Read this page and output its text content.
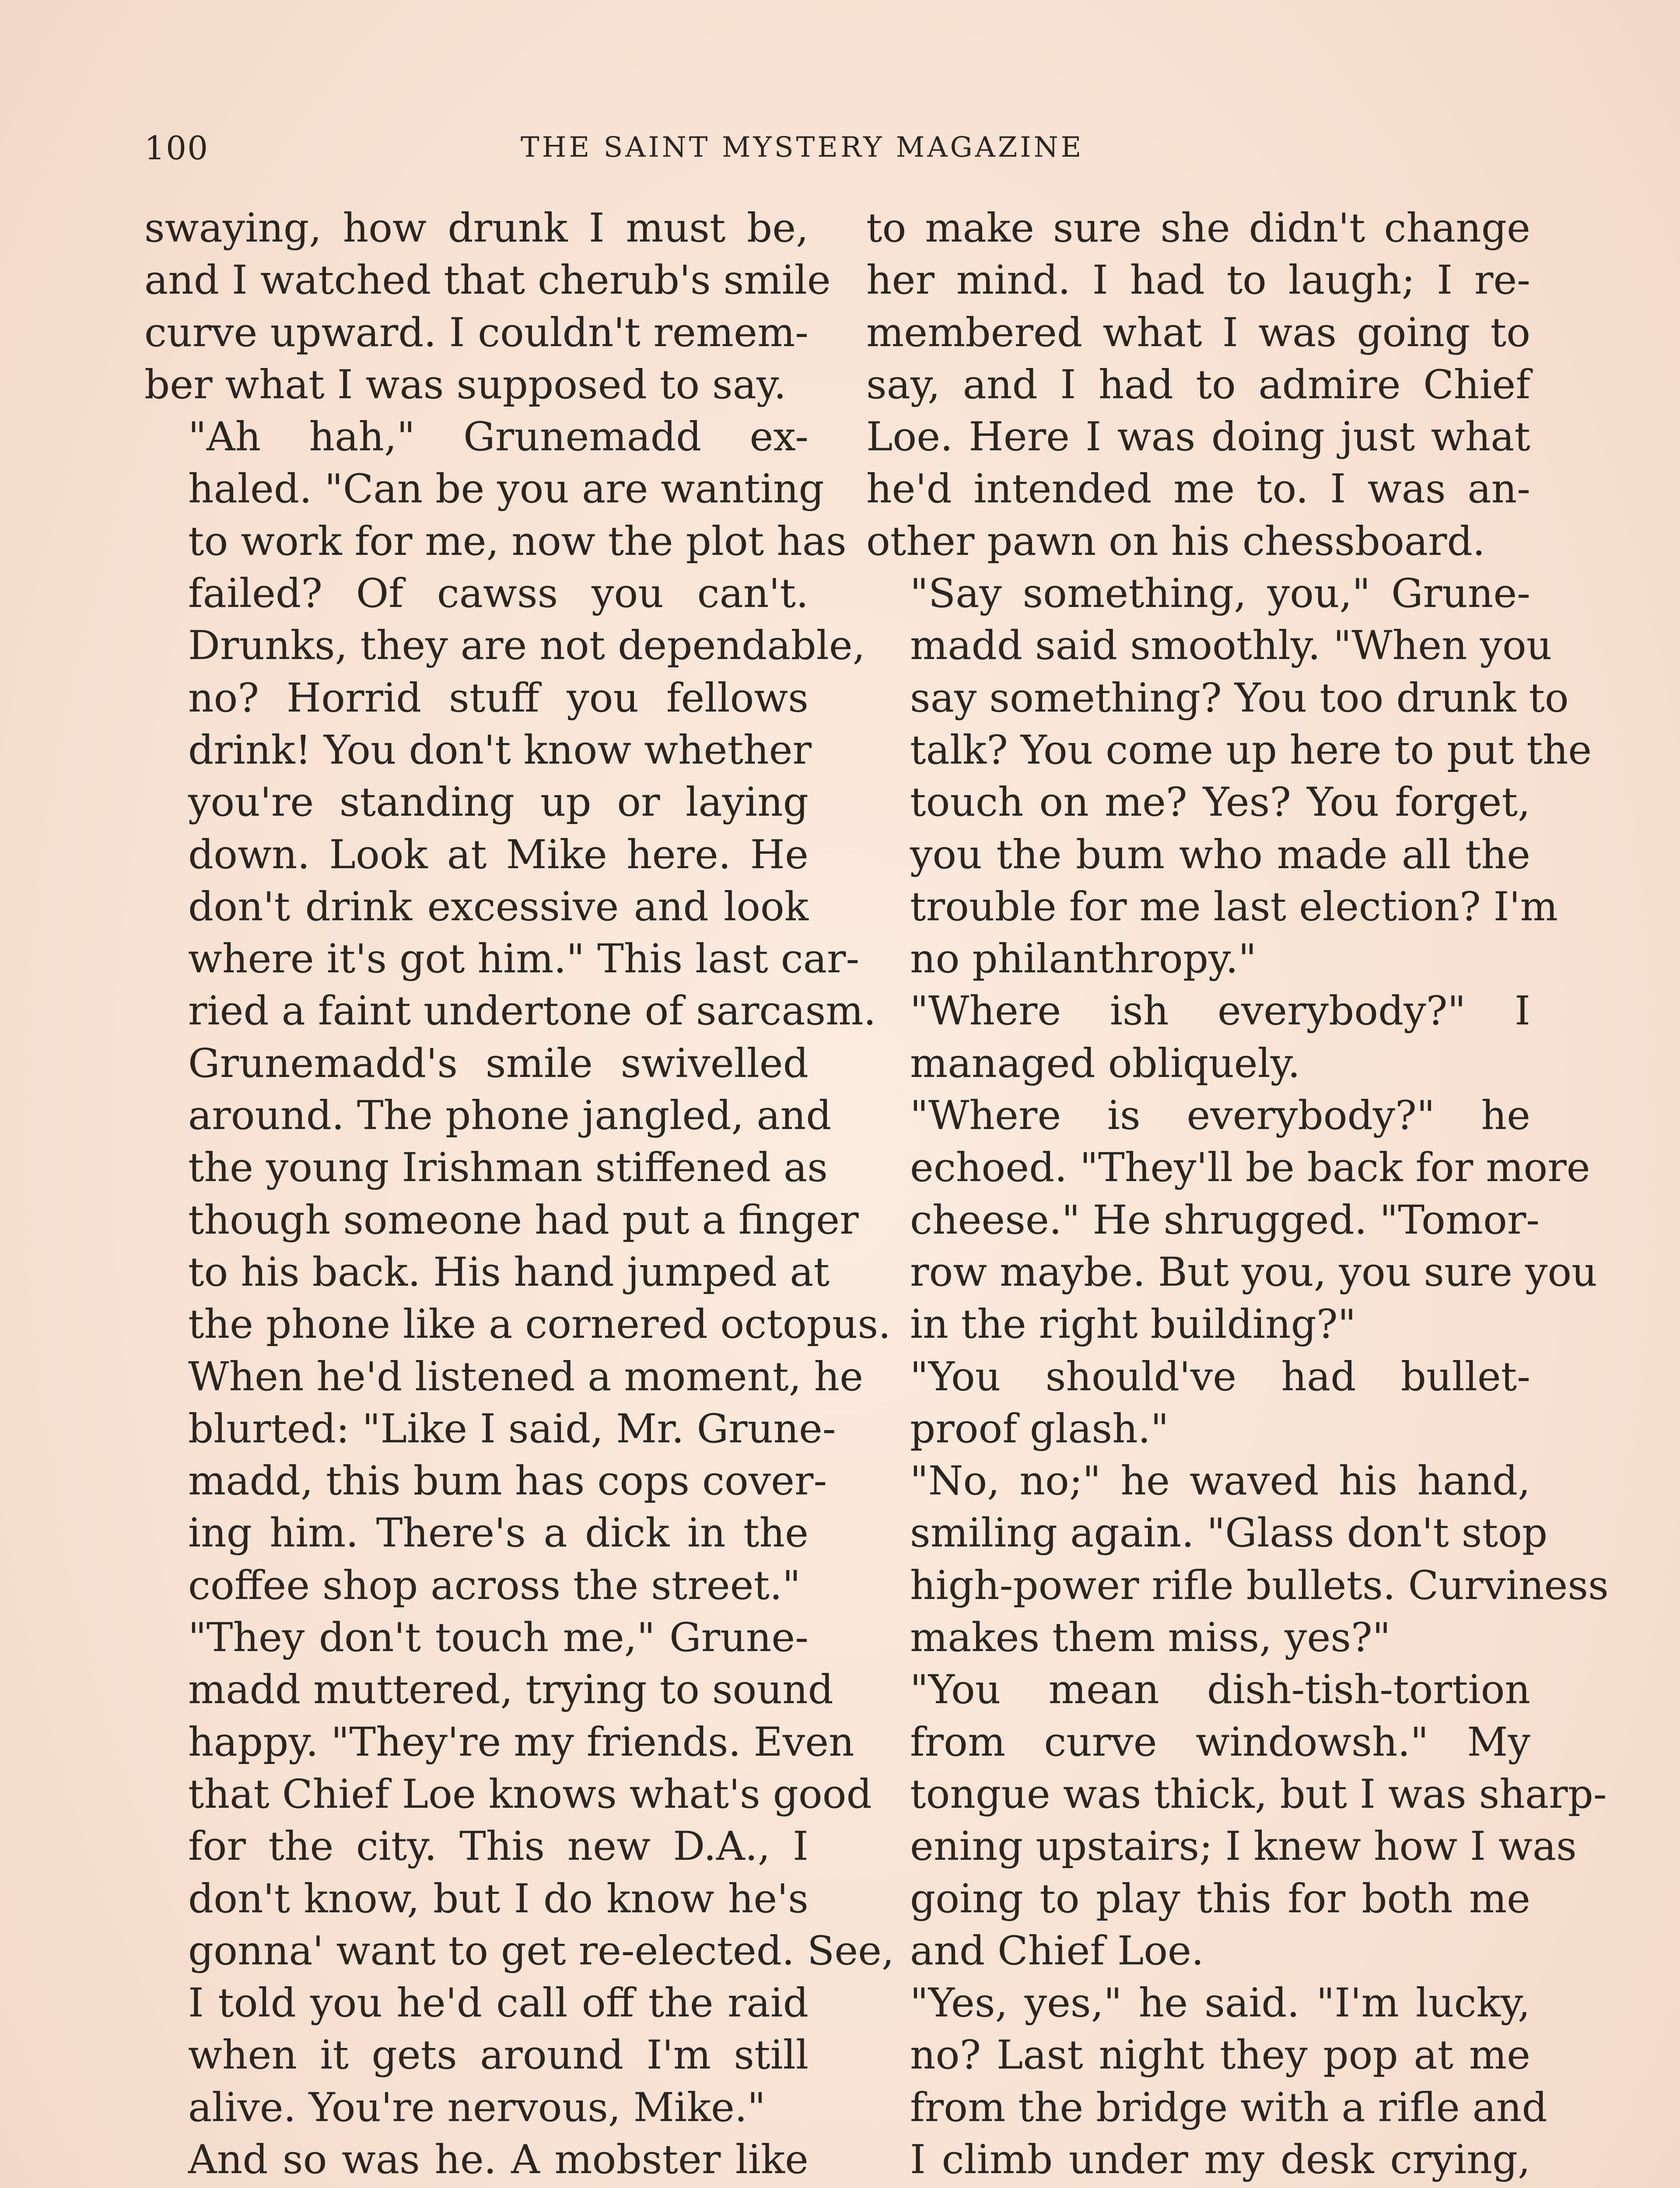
100	THE SAINT MYSTERY MAGAZINE

swaying, how drunk I must be,
and I watched that cherub's smile
curve upward. I couldn't remem-
ber what I was supposed to say.

"Ah hah," Grunemadd ex-
haled. "Can be you are wanting
to work for me, now the plot has
failed? Of cawss you can't.
Drunks, they are not dependable,
no? Horrid stuff you fellows
drink! You don't know whether
you're standing up or laying
down. Look at Mike here. He
don't drink excessive and look
where it's got him." This last car-
ried a faint undertone of sarcasm.

Grunemadd's smile swivelled
around. The phone jangled, and
the young Irishman stiffened as
though someone had put a finger
to his back. His hand jumped at
the phone like a cornered octopus.
When he'd listened a moment, he
blurted: "Like I said, Mr. Grune-
madd, this bum has cops cover-
ing him. There's a dick in the
coffee shop across the street."

"They don't touch me," Grune-
madd muttered, trying to sound
happy. "They're my friends. Even
that Chief Loe knows what's good
for the city. This new D.A., I
don't know, but I do know he's
gonna' want to get re-elected. See,
I told you he'd call off the raid
when it gets around I'm still
alive. You're nervous, Mike."

And so was he. A mobster like

to make sure she didn't change
her mind. I had to laugh; I re-
membered what I was going to
say, and I had to admire Chief
Loe. Here I was doing just what
he'd intended me to. I was an-
other pawn on his chessboard.

"Say something, you," Grune-
madd said smoothly. "When you
say something? You too drunk to
talk? You come up here to put the
touch on me? Yes? You forget,
you the bum who made all the
trouble for me last election? I'm
no philanthropy."

"Where ish everybody?" I
managed obliquely.

"Where is everybody?" he
echoed. "They'll be back for more
cheese." He shrugged. "Tomor-
row maybe. But you, you sure you
in the right building?"

"You should've had bullet-
proof glash."

"No, no;" he waved his hand,
smiling again. "Glass don't stop
high-power rifle bullets. Curviness
makes them miss, yes?"

"You mean dish-tish-tortion
from curve windowsh." My
tongue was thick, but I was sharp-
ening upstairs; I knew how I was
going to play this for both me
and Chief Loe.

"Yes, yes," he said. "I'm lucky,
no? Last night they pop at me
from the bridge with a rifle and
I climb under my desk crying,
